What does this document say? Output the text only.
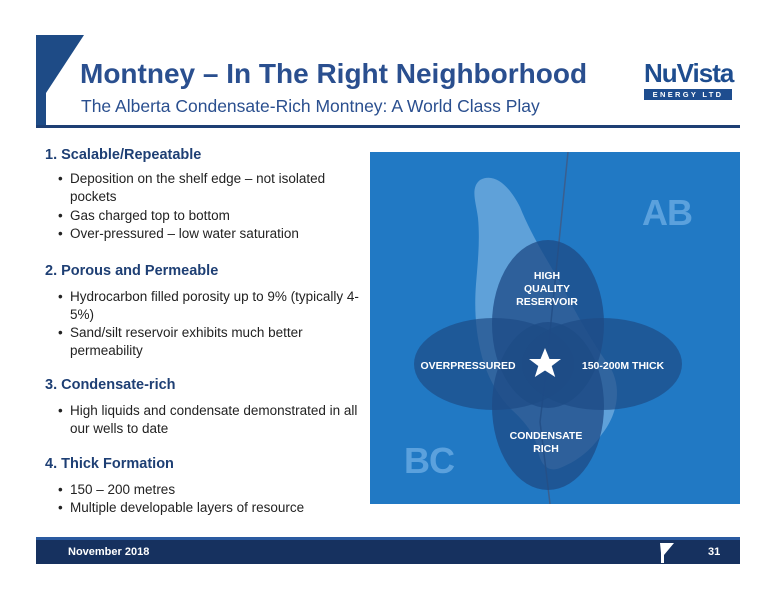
Montney – In The Right Neighborhood
The Alberta Condensate-Rich Montney: A World Class Play
NuVista
ENERGY LTD
1. Scalable/Repeatable
• Deposition on the shelf edge – not isolated pockets
• Gas charged top to bottom
• Over-pressured – low water saturation
2. Porous and Permeable
• Hydrocarbon filled porosity up to 9% (typically 4-5%)
• Sand/silt reservoir exhibits much better permeability
3. Condensate-rich
• High liquids and condensate demonstrated in all our wells to date
4. Thick Formation
• 150 – 200 metres
• Multiple developable layers of resource
AB
BC
HIGH
QUALITY
RESERVOIR
OVERPRESSURED	150-200M THICK
CONDENSATE
RICH
November 2018	31
